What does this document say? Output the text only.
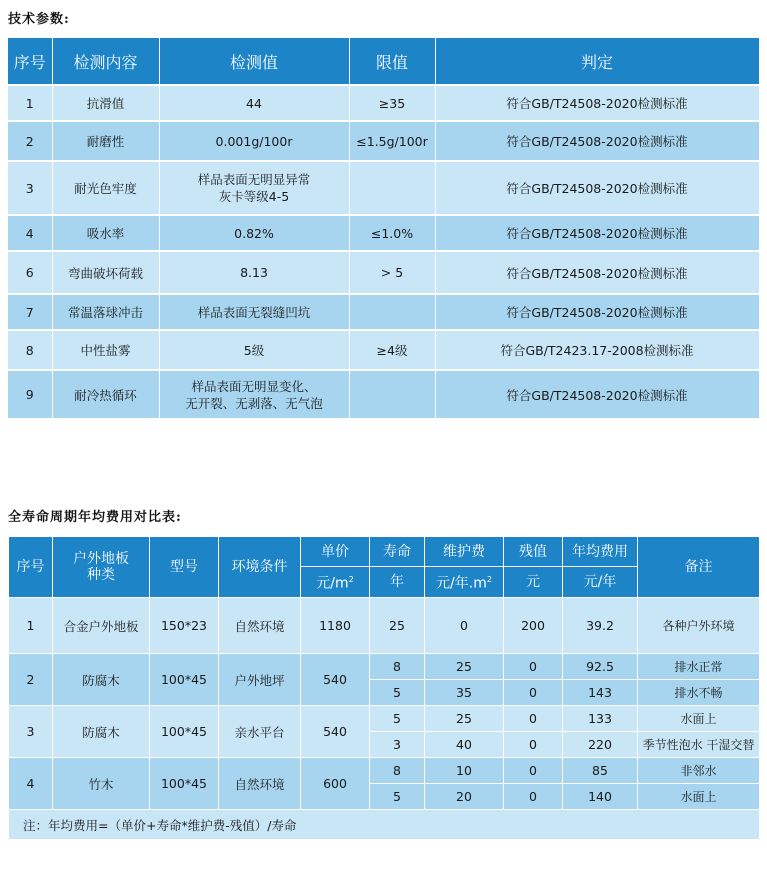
技术参数:
序号	检测内容	检测值	限值	判定
1	抗滑值	44	≥35	符合GB/T24508-2020检测标准
2	耐磨性	0.001g/100r	≤1.5g/100r	符合GB/T24508-2020检测标准
3	耐光色牢度	样品表面无明显异常
灰卡等级4-5		符合GB/T24508-2020检测标准
4	吸水率	0.82%	≤1.0%	符合GB/T24508-2020检测标准
6	弯曲破坏荷载	8.13	> 5	符合GB/T24508-2020检测标准
7	常温落球冲击	样品表面无裂缝凹坑		符合GB/T24508-2020检测标准
8	中性盐雾	5级	≥4级	符合GB/T2423.17-2008检测标准
9	耐冷热循环	样品表面无明显变化、
无开裂、无剥落、无气泡		符合GB/T24508-2020检测标准
全寿命周期年均费用对比表:
序号	户外地板种类	型号	环境条件	单价	寿命	维护费	残值	年均费用	备注
				元$/m^2$	年	元/年$.m^2$	元	元/年	
1	合金户外地板	150*23	自然环境	1180	25	0	200	39.2	各种户外环境
2	防腐木	100*45	户外地坪	540	8	25	0	92.5	排水正常
					5	35	0	143	排水不畅
3	防腐木	100*45	亲水平台	540	5	25	0	133	水面上
					3	40	0	220	季节性泡水 干湿交替
4	竹木	100*45	自然环境	600	8	10	0	85	非邻水
					5	20	0	140	水面上
注：年均费用=（单价+寿命*维护费-残值）/寿命									
